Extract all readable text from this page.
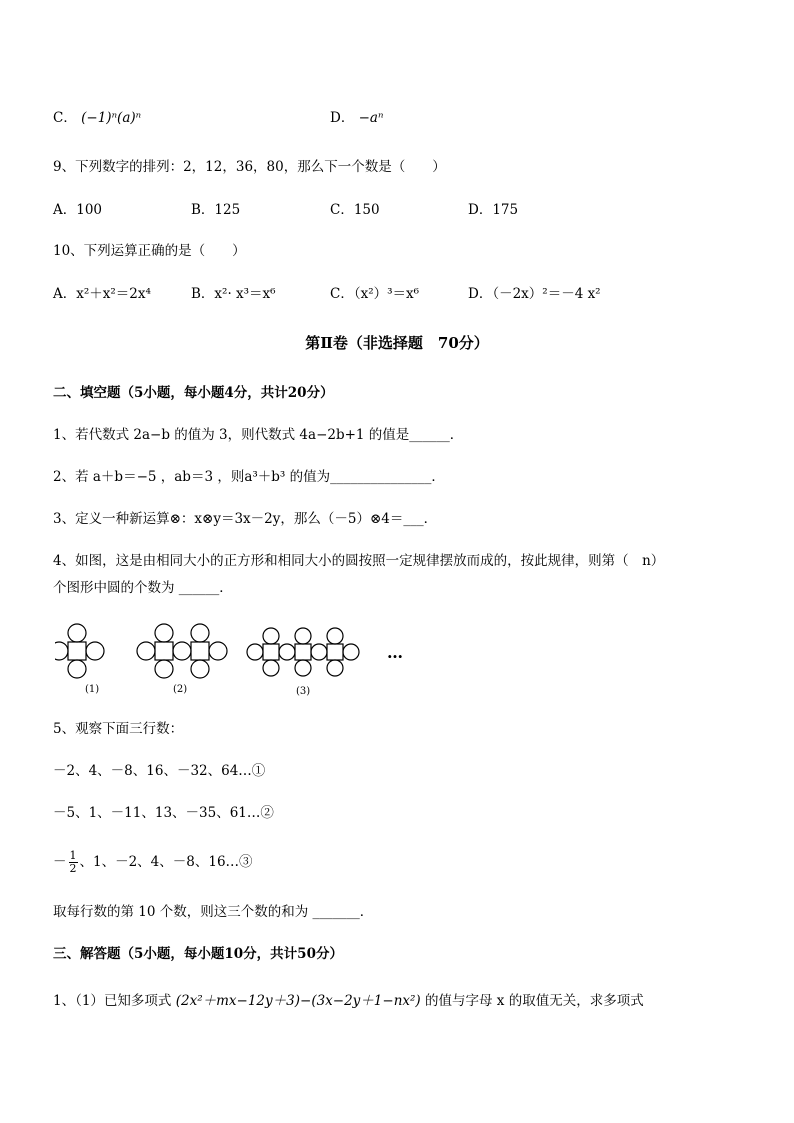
C． (−1)ⁿ(a)ⁿ	D． −aⁿ
9、下列数字的排列：2，12，36，80，那么下一个数是（　　）
A．100	B．125	C．150	D．175
10、下列运算正确的是（　　）
A．x²＋x²＝2x⁴	B．x²· x³＝x⁶	C．（x²）³＝x⁶	D．（－2x）²＝－4 x²
第Ⅱ卷（非选择题　70分）
二、填空题（5小题，每小题4分，共计20分）
1、若代数式 2a−b 的值为 3，则代数式 4a−2b+1 的值是______．
2、若 a＋b＝−5 ，ab＝3 ，则a³＋b³ 的值为_______________．
3、定义一种新运算⊗：x⊗y＝3x－2y，那么（－5）⊗4＝___．
4、如图，这是由相同大小的正方形和相同大小的圆按照一定规律摆放而成的，按此规律，则第（　n）
个图形中圆的个数为 ______．
(1)	(2)	(3)
…
5、观察下面三行数：
－2、4、－8、16、－32、64…①
－5、1、－11、13、－35、61…②
－ $\frac{1}{2}$ 、1、－2、4、－8、16…③
取每行数的第 10 个数，则这三个数的和为 _______．
三、解答题（5小题，每小题10分，共计50分）
1、（1）已知多项式 (2x²＋mx−12y＋3)−(3x−2y＋1−nx²) 的值与字母 x 的取值无关，求多项式
